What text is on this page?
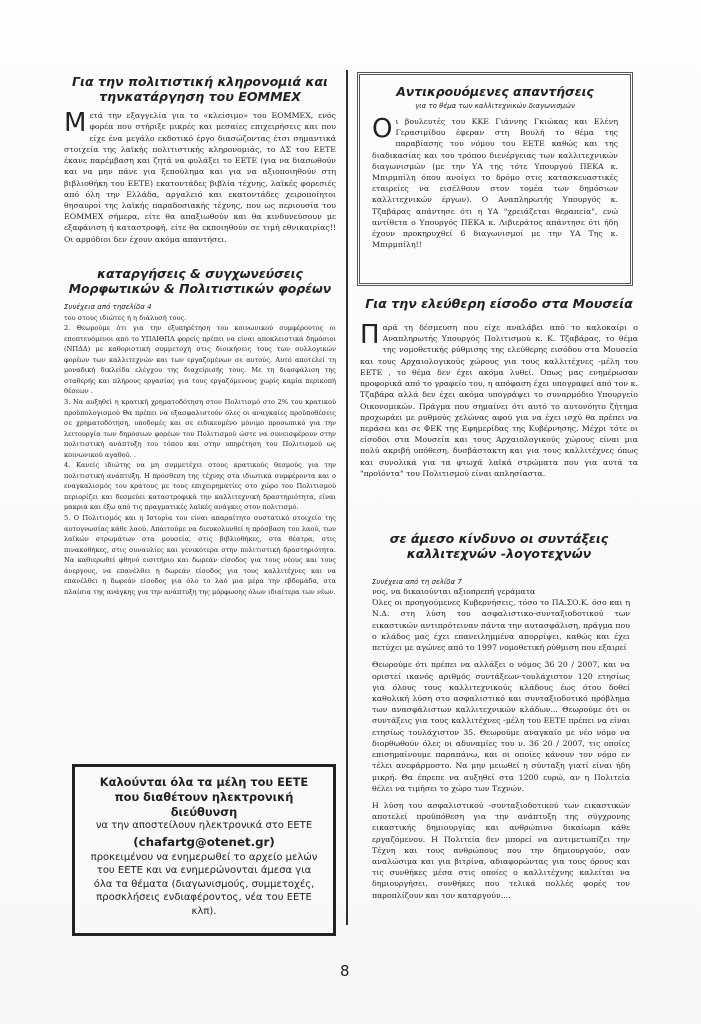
Για την πολιτιστική κληρονομιά και τηνκατάργηση του ΕΟΜΜΕΧ

Μετά την εξαγγελία για το «κλείσιμο» του ΕΟΜΜΕΧ, ενός φορέα που στήριξε μικρές και μεσαίες επιχειρήσεις και που είχε ένα μεγάλο εκδοτικό έργο διασώζοντας έτσι σημαντικά στοιχεία της λαϊκής πολιτιστικής κληρονομιάς, το ΔΣ του ΕΕΤΕ έκανε παρέμβαση και ζητά να φυλάξει το ΕΕΤΕ (για να διασωθούν και να μην πάνε για ξεπούλημα και για να αξιοποιηθούν στη βιβλιοθήκη του ΕΕΤΕ) εκατοντάδες βιβλία τέχνης, λαϊκές φορεσιές από όλη την Ελλάδα, αργαλειό και εκατοντάδες χειροποίητοι θησαυροί της λαϊκής παραδοσιακής τέχνης, που ως περιουσία του ΕΟΜΜΕΧ σήμερα, είτε θα απαξιωθούν και θα κινδυνεύσουν με εξαφάνιση ή καταστροφή, είτε θα εκποιηθούν σε τιμή εθνικαιρίας!! Οι αρμόδιοι δεν έχουν ακόμα απαντήσει.

καταργήσεις & συγχωνεύσεις Μορφωτικών & Πολιτιστικών φορέων
Συνέχεια από τησελίδα 4

του στους ιδιώτες ή η διάλυσή τους.

2. Θεωρούμε ότι για την εξυπηρέτηση του κοινωνικού συμφέροντος οι εποπτευόμενοι από το ΥΠΑΙΘΠΑ φορείς πρέπει να είναι αποκλειστικά δημόσιοι (ΝΠΔΔ) με καθοριστική συμμετοχή στις διοικήσεις τους των συλλογικών φορέων των καλλιτεχνών και των εργαζομένων σε αυτούς. Αυτό αποτελεί τη μοναδική δικλείδα ελέγχου της διαχείρισής τους. Με τη διασφάλιση της σταθερής και πλήρους εργασίας για τους εργαζόμενους χωρίς καμία περικοπή θέσεων .

3. Να αυξηθεί η κρατική χρηματοδότηση στον Πολιτισμό στο 2% του κρατικού προϋπολογισμού Θα πρέπει να εξασφαλιστούν όλες οι αναγκαίες προϋποθέσεις σε χρηματοδότηση, υποδομές και σε ειδικευμένο μόνιμο προσωπικό για την λειτουργία των δημόσιων φορέων του Πολιτισμού ώστε να συνεισφέρουν στην πολιτιστική ανάπτυξη του τόπου και στην υπηρέτηση του Πολιτισμού ως κοινωνικού αγαθού. .

4. Κανείς ιδιώτης να μη συμμετέχει στους κρατικούς θεσμούς για την πολιτιστική ανάπτυξη. Η πρόσθεση της τέχνης στα ιδιωτικά συμφέροντα και ο εναγκαλισμός του κράτους με τους επιχειρηματίες στο χώρο του Πολιτισμού περιορίζει και δεσμεύει καταστροφικά την καλλιτεχνική δραστηριότητα, είναι μακριά και έξω από τις πραγματικές λαϊκές ανάγκες στον πολιτισμό.

5. Ο Πολιτισμός και η Ιστορία του είναι απαραίτητο συστατικό στοιχείο της αυτογνωσίας κάθε λαού. Απαιτούμε να διευκολυνθεί η πρόσβαση του λαού, των λαϊκών στρωμάτων στα μουσεία, στις βιβλιοθήκες, στα θέατρα, στις πινακοθήκες, στις συναυλίες και γενικότερα στην πολιτιστική δραστηριότητα. Να καθιερωθεί φθηνό εισιτήριο και δωρεάν είσοδος για τους νέους και τους άνεργους, να επανέλθει η δωρεάν είσοδος για τους καλλιτέχνες και να επανέλθει η δωρεάν είσοδος για όλο το λαό μια μέρα την εβδομάδα, στα πλαίσια της ανάγκης για την ανάπτυξη της μόρφωσης όλων ιδιαίτερα των νέων.

Καλούνται όλα τα μέλη του ΕΕΤΕ που διαθέτουν ηλεκτρονική διεύθυνση
να την αποστείλουν ηλεκτρονικά στο ΕΕΤΕ
(chafartg@otenet.gr)
προκειμένου να ενημερωθεί το αρχείο μελών του ΕΕΤΕ και να ενημερώνονται άμεσα για όλα τα θέματα (διαγωνισμούς, συμμετοχές, προσκλήσεις ενδιαφέροντος, νέα του ΕΕΤΕ κλπ).
Αντικρουόμενες απαντήσεις
για το θέμα των καλλιτεχνικών διαγωνισμών

Οι βουλευτές του ΚΚΕ Γιάννης Γκιώκας και Ελένη Γερασιμίδου έφεραν στη Βουλή το θέμα της παραβίασης του νόμου του ΕΕΤΕ καθώς και της διαδικασίας και του τρόπου διενέργειας των καλλιτεχνικών διαγωνισμών (με την ΥΑ της τότε Υπουργού ΠΕΚΑ κ. Μπιρμπίλη όπου ανοίγει το δρόμο στις κατασκευαστικές εταιρείες να εισέλθουν στον τομέα των δημόσιων καλλιτεχνικών έργων). Ο Αναπληρωτής Υπουργός κ. Τζαβάρας απάντησε ότι η ΥΑ "χρειάζεται θεραπεία", ενώ αντίθετα ο Υπουργός ΠΕΚΑ κ. Λιβιεράτος απάντησε ότι ήδη έχουν προκηρυχθεί 6 διαγωνισμοί με την ΥΑ Της κ. Μπιρμπίλη!!

Για την ελεύθερη είσοδο στα Μουσεία

Παρά τη δέσμευση που είχε αναλάβει από το καλοκαίρι ο Αναπληρωτής Υπουργός Πολιτισμού κ. Κ. Τζαβάρας, το θέμα της νομοθετικής ρύθμισης της ελεύθερης εισόδου στα Μουσεία και τους Αρχαιολογικούς χώρους για τους καλλιτέχνες -μέλη του ΕΕΤΕ , το θέμα δεν έχει ακόμα λυθεί. Όπως μας ενημέρωσαν προφορικά από το γραφείο του, η απόφαση έχει υπογραφεί από τον κ. Τζαβάρα αλλά δεν έχει ακόμα υπογράψει το συναρμόδιο Υπουργείο Οικονομικών. Πράγμα που σημαίνει ότι αυτό το αυτονόητο ζήτημα προχωράει με ρυθμούς χελώνας αφού για να έχει ισχύ θα πρέπει να περάσει και σε ΦΕΚ της Εφημερίδας της Κυβέρνησης. Μέχρι τότε οι είσοδοι στα Μουσεία και τους Αρχαιολογικούς χώρους είναι μια πολύ ακριβή υπόθεση, δυσβάστακτη και για τους καλλιτέχνες όπως και συνολικά για τα φτωχά λαϊκά στρώματα που για αυτά τα "προϊόντα" του Πολιτισμού είναι απλησίαστα.

σε άμεσο κίνδυνο οι συντάξεις καλλιτεχνών -λογοτεχνών
Συνέχεια από τη σελίδα 7

νος, να δικαιούνται αξιοπρεπή γεράματα

Όλες οι προηγούμενες Κυβερνήσεις, τόσο το ΠΑ.ΣΟ.Κ. όσο και η Ν.Δ. στη λύση του ασφαλιστικο-συνταξιοδοτικού των εικαστικών αντιπρότειναν πάντα την αυτασφάλιση, πράγμα που ο κλάδος μας έχει επανειλημμένα απορρίψει, καθώς και έχει πετύχει με αγώνες από το 1997 νομοθετική ρύθμιση που εξαιρεί

Θεωρούμε ότι πρέπει να αλλάξει ο νόμος 36 20 / 2007, και να οριστεί ικανός αριθμός συντάξεων-τουλάχιστον 120 ετησίως για όλους τους καλλιτεχνικούς κλάδους έως ότου δοθεί καθολική λύση στο ασφαλιστικό και συνταξιοδοτικό πρόβλημα των ανασφάλιστων καλλιτεχνικών κλάδων... Θεωρούμε ότι οι συντάξεις για τους καλλιτέχνες -μέλη του ΕΕΤΕ πρέπει να είναι ετησίως τουλάχιστον 35. Θεωρούμε αναγκαίο με νέο νόμο να διορθωθούν όλες οι αδυναμίες του ν. 36 20 / 2007, τις οποίες επισημαίνουμε παραπάνω, και οι οποίες κάνουν τον νόμο εν τέλει ανεφάρμοστο. Να μην μειωθεί η σύνταξη γιατί είναι ήδη μικρή. Θα έπρεπε να αυξηθεί στα 1200 ευρώ, αν η Πολιτεία θέλει να τιμήσει το χώρο των Τεχνών.

Η λύση του ασφαλιστικού -συνταξιοδοτικού των εικαστικών αποτελεί προϋπόθεση για την ανάπτυξη της σύγχρονης εικαστικής δημιουργίας και ανθρώπινο δικαίωμα κάθε εργαζόμενου. Η Πολιτεία δεν μπορεί να αντιμετωπίζει την Τέχνη και τους ανθρώπους που την δημιουργούν, σαν αναλώσιμα και για βιτρίνα, αδιαφορώντας για τους όρους και τις συνθήκες μέσα στις οποίες ο καλλιτέχνης καλείται να δημιουργήσει, συνθήκες που τελικά πολλές φορές τον παροπλίζουν και τον καταργούν....

8
